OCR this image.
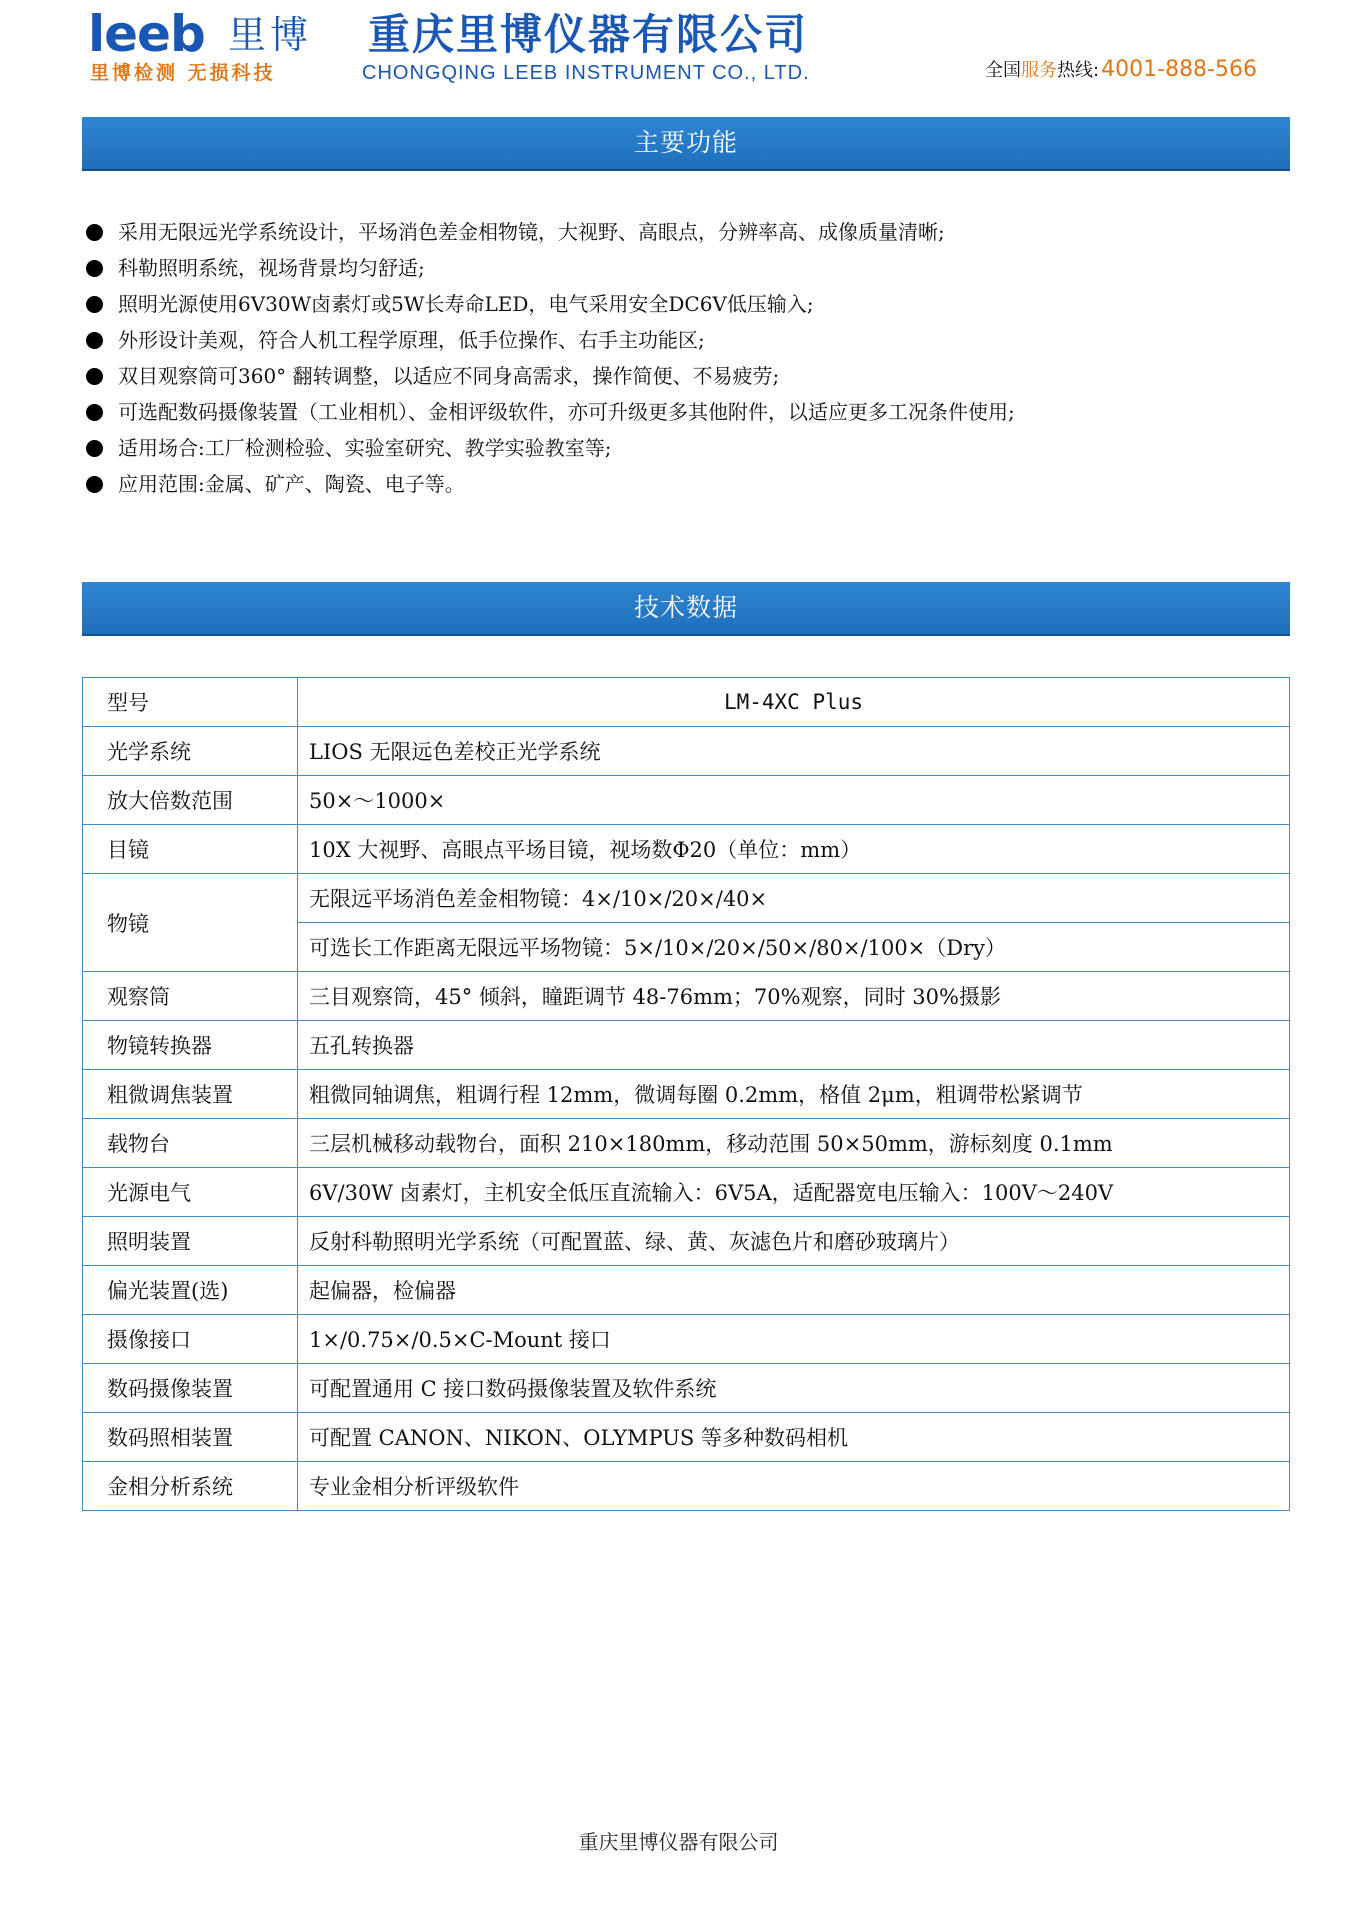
leeb 里博 重庆里博仪器有限公司
里博检测 无损科技	CHONGQING LEEB INSTRUMENT CO., LTD.	全国服务热线:4001-888-566
主要功能
采用无限远光学系统设计，平场消色差金相物镜，大视野、高眼点，分辨率高、成像质量清晰;
科勒照明系统，视场背景均匀舒适;
照明光源使用6V30W卤素灯或5W长寿命LED，电气采用安全DC6V低压输入;
外形设计美观，符合人机工程学原理，低手位操作、右手主功能区;
双目观察筒可360° 翻转调整，以适应不同身高需求，操作简便、不易疲劳;
可选配数码摄像装置（工业相机）、金相评级软件，亦可升级更多其他附件，以适应更多工况条件使用;
适用场合:工厂检测检验、实验室研究、教学实验教室等;
应用范围:金属、矿产、陶瓷、电子等。
技术数据
型号	LM-4XC Plus
光学系统	LIOS 无限远色差校正光学系统
放大倍数范围	50×～1000×
目镜	10X 大视野、高眼点平场目镜，视场数Φ20（单位：mm）
物镜	无限远平场消色差金相物镜：4×/10×/20×/40×
	可选长工作距离无限远平场物镜：5×/10×/20×/50×/80×/100×（Dry）
观察筒	三目观察筒，45° 倾斜，瞳距调节 48-76mm；70%观察，同时 30%摄影
物镜转换器	五孔转换器
粗微调焦装置	粗微同轴调焦，粗调行程 12mm，微调每圈 0.2mm，格值 2μm，粗调带松紧调节
载物台	三层机械移动载物台，面积 210×180mm，移动范围 50×50mm，游标刻度 0.1mm
光源电气	6V/30W 卤素灯，主机安全低压直流输入：6V5A，适配器宽电压输入：100V～240V
照明装置	反射科勒照明光学系统（可配置蓝、绿、黄、灰滤色片和磨砂玻璃片）
偏光装置(选)	起偏器，检偏器
摄像接口	1×/0.75×/0.5×C-Mount 接口
数码摄像装置	可配置通用 C 接口数码摄像装置及软件系统
数码照相装置	可配置 CANON、NIKON、OLYMPUS 等多种数码相机
金相分析系统	专业金相分析评级软件
重庆里博仪器有限公司
